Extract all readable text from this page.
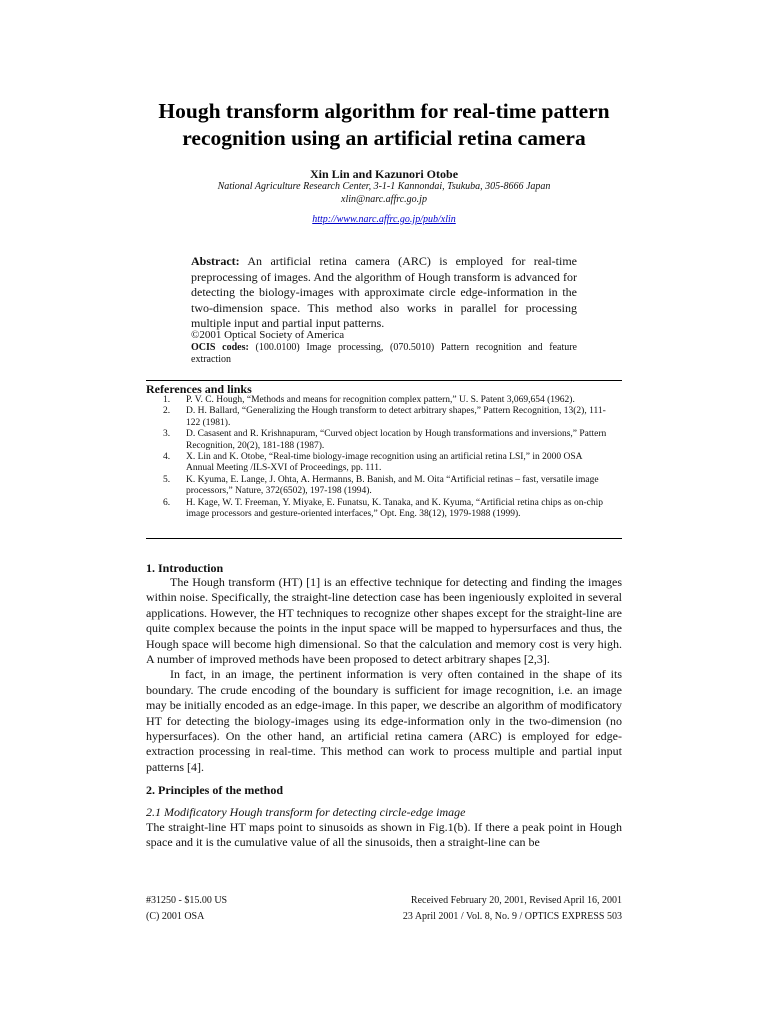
Hough transform algorithm for real-time pattern
recognition using an artificial retina camera
Xin Lin and Kazunori Otobe
National Agriculture Research Center, 3-1-1 Kannondai, Tsukuba, 305-8666 Japan
xlin@narc.affrc.go.jp
http://www.narc.affrc.go.jp/pub/xlin
Abstract: An artificial retina camera (ARC) is employed for real-time preprocessing of images. And the algorithm of Hough transform is advanced for detecting the biology-images with approximate circle edge-information in the two-dimension space. This method also works in parallel for processing multiple input and partial input patterns.
©2001 Optical Society of America
OCIS codes: (100.0100) Image processing, (070.5010) Pattern recognition and feature extraction
References and links
1.	P. V. C. Hough, “Methods and means for recognition complex pattern,” U. S. Patent 3,069,654 (1962).
2.	D. H. Ballard, “Generalizing the Hough transform to detect arbitrary shapes,” Pattern Recognition, 13(2), 111-122 (1981).
3.	D. Casasent and R. Krishnapuram, “Curved object location by Hough transformations and inversions,” Pattern Recognition, 20(2), 181-188 (1987).
4.	X. Lin and K. Otobe, “Real-time biology-image recognition using an artificial retina LSI,” in 2000 OSA Annual Meeting /ILS-XVI of Proceedings, pp. 111.
5.	K. Kyuma, E. Lange, J. Ohta, A. Hermanns, B. Banish, and M. Oita “Artificial retinas – fast, versatile image processors,” Nature, 372(6502), 197-198 (1994).
6.	H. Kage, W. T. Freeman, Y. Miyake, E. Funatsu, K. Tanaka, and K. Kyuma, “Artificial retina chips as on-chip image processors and gesture-oriented interfaces,” Opt. Eng. 38(12), 1979-1988 (1999).
1. Introduction

The Hough transform (HT) [1] is an effective technique for detecting and finding the images within noise. Specifically, the straight-line detection case has been ingeniously exploited in several applications. However, the HT techniques to recognize other shapes except for the straight-line are quite complex because the points in the input space will be mapped to hypersurfaces and thus, the Hough space will become high dimensional. So that the calculation and memory cost is very high. A number of improved methods have been proposed to detect arbitrary shapes [2,3].

In fact, in an image, the pertinent information is very often contained in the shape of its boundary. The crude encoding of the boundary is sufficient for image recognition, i.e. an image may be initially encoded as an edge-image. In this paper, we describe an algorithm of modificatory HT for detecting the biology-images using its edge-information only in the two-dimension (no hypersurfaces). On the other hand, an artificial retina camera (ARC) is employed for edge-extraction processing in real-time. This method can work to process multiple and partial input patterns [4].

2. Principles of the method
2.1 Modificatory Hough transform for detecting circle-edge image

The straight-line HT maps point to sinusoids as shown in Fig.1(b). If there a peak point in Hough space and it is the cumulative value of all the sinusoids, then a straight-line can be

#31250 - $15.00 US
(C) 2001 OSA
Received February 20, 2001, Revised April 16, 2001
23 April 2001 / Vol. 8, No. 9 / OPTICS EXPRESS 503
